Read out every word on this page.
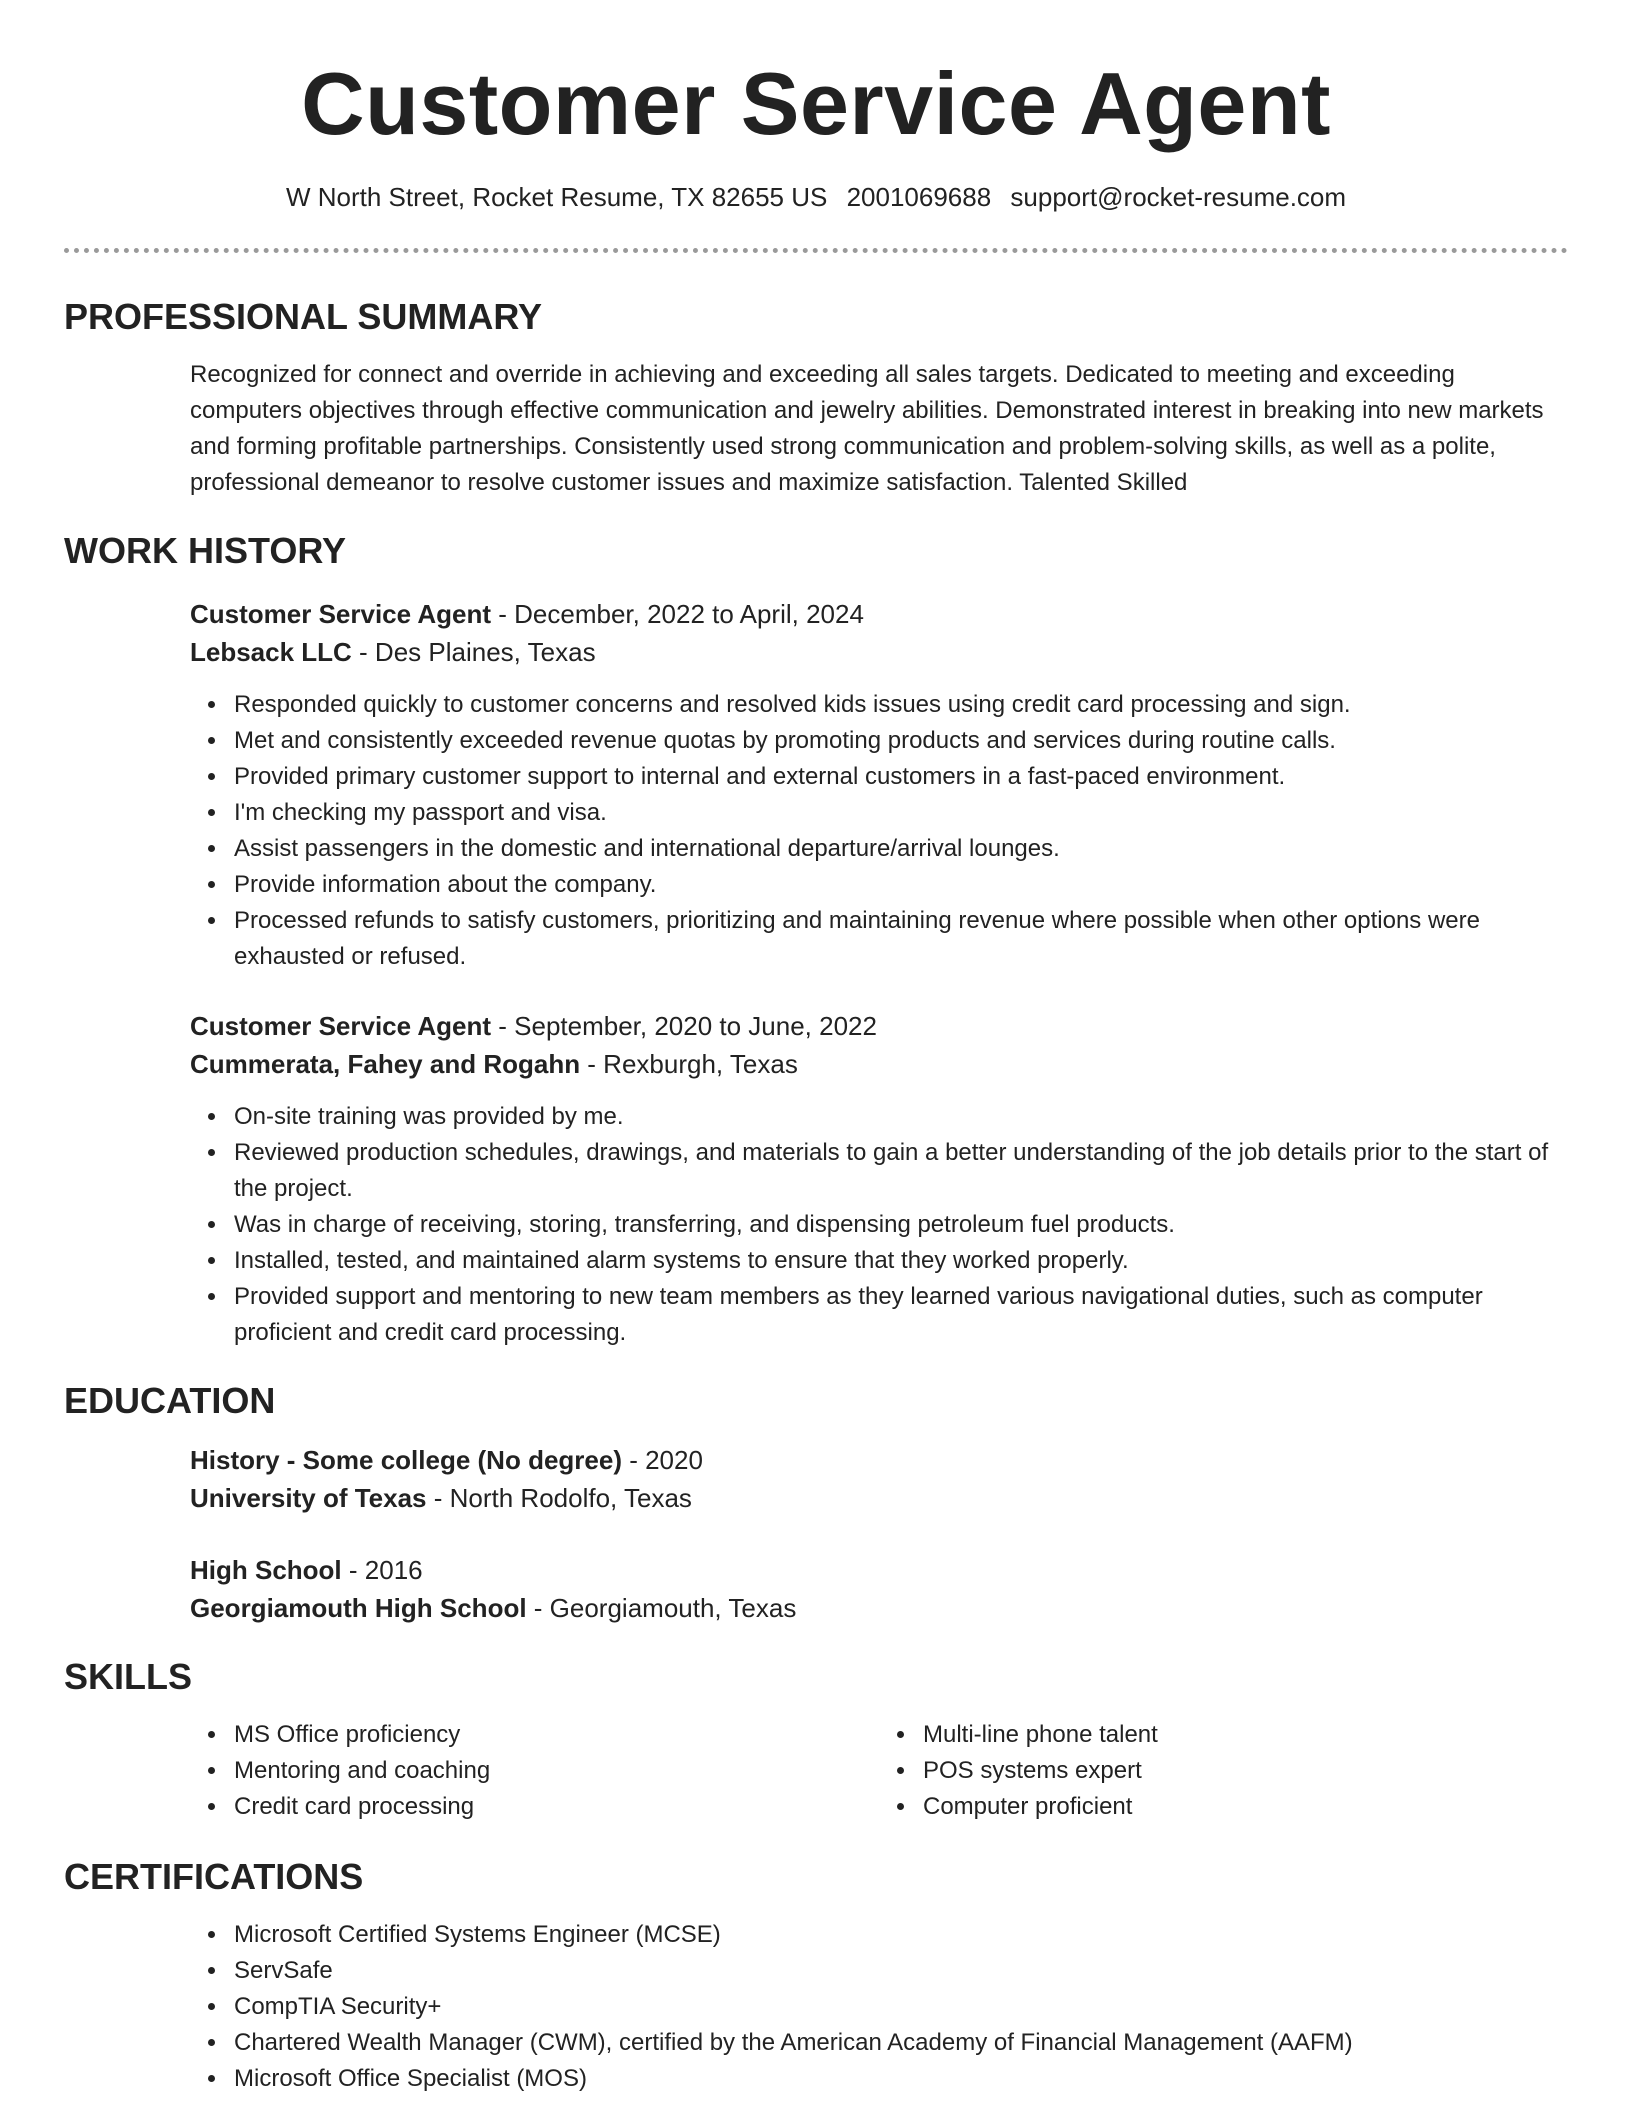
Customer Service Agent
W North Street, Rocket Resume, TX 82655 US 2001069688 support@rocket-resume.com
PROFESSIONAL SUMMARY

Recognized for connect and override in achieving and exceeding all sales targets. Dedicated to meeting and exceeding computers objectives through effective communication and jewelry abilities. Demonstrated interest in breaking into new markets and forming profitable partnerships. Consistently used strong communication and problem-solving skills, as well as a polite, professional demeanor to resolve customer issues and maximize satisfaction. Talented Skilled

WORK HISTORY
Customer Service Agent - December, 2022 to April, 2024
Lebsack LLC - Des Plaines, Texas
Responded quickly to customer concerns and resolved kids issues using credit card processing and sign.
Met and consistently exceeded revenue quotas by promoting products and services during routine calls.
Provided primary customer support to internal and external customers in a fast-paced environment.
I'm checking my passport and visa.
Assist passengers in the domestic and international departure/arrival lounges.
Provide information about the company.
Processed refunds to satisfy customers, prioritizing and maintaining revenue where possible when other options were exhausted or refused.
Customer Service Agent - September, 2020 to June, 2022
Cummerata, Fahey and Rogahn - Rexburgh, Texas
On-site training was provided by me.
Reviewed production schedules, drawings, and materials to gain a better understanding of the job details prior to the start of the project.
Was in charge of receiving, storing, transferring, and dispensing petroleum fuel products.
Installed, tested, and maintained alarm systems to ensure that they worked properly.
Provided support and mentoring to new team members as they learned various navigational duties, such as computer proficient and credit card processing.
EDUCATION
History - Some college (No degree) - 2020
University of Texas - North Rodolfo, Texas
High School - 2016
Georgiamouth High School - Georgiamouth, Texas
SKILLS
MS Office proficiency
Mentoring and coaching
Credit card processing
Multi-line phone talent
POS systems expert
Computer proficient
CERTIFICATIONS
Microsoft Certified Systems Engineer (MCSE)
ServSafe
CompTIA Security+
Chartered Wealth Manager (CWM), certified by the American Academy of Financial Management (AAFM)
Microsoft Office Specialist (MOS)
